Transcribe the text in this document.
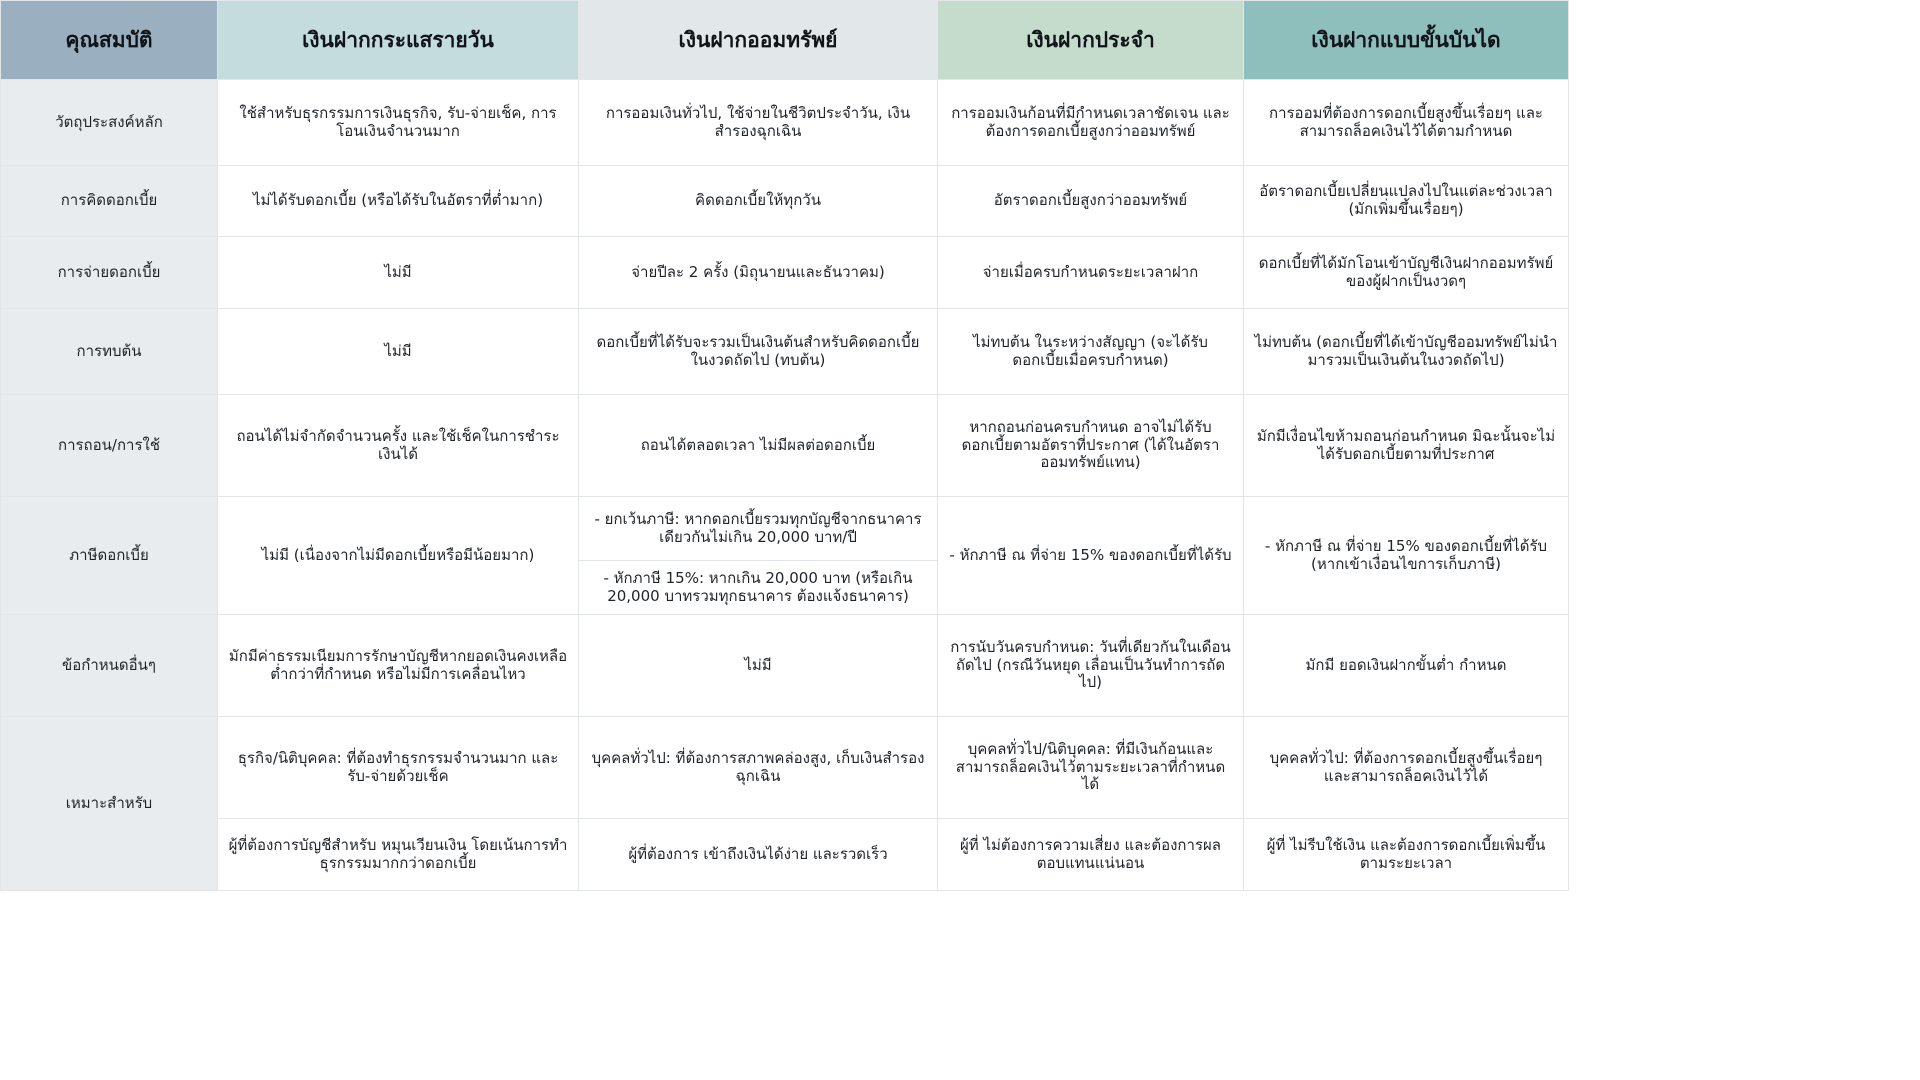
คุณสมบัติ	เงินฝากกระแสรายวัน	เงินฝากออมทรัพย์	เงินฝากประจำ	เงินฝากแบบขั้นบันได
วัตถุประสงค์หลัก	ใช้สำหรับธุรกรรมการเงินธุรกิจ, รับ-จ่ายเช็ค, การโอนเงินจำนวนมาก	การออมเงินทั่วไป, ใช้จ่ายในชีวิตประจำวัน, เงินสำรองฉุกเฉิน	การออมเงินก้อนที่มีกำหนดเวลาชัดเจน และต้องการดอกเบี้ยสูงกว่าออมทรัพย์	การออมที่ต้องการดอกเบี้ยสูงขึ้นเรื่อยๆ และสามารถล็อคเงินไว้ได้ตามกำหนด
การคิดดอกเบี้ย	ไม่ได้รับดอกเบี้ย (หรือได้รับในอัตราที่ต่ำมาก)	คิดดอกเบี้ยให้ทุกวัน	อัตราดอกเบี้ยสูงกว่าออมทรัพย์	อัตราดอกเบี้ยเปลี่ยนแปลงไปในแต่ละช่วงเวลา (มักเพิ่มขึ้นเรื่อยๆ)
การจ่ายดอกเบี้ย	ไม่มี	จ่ายปีละ 2 ครั้ง (มิถุนายนและธันวาคม)	จ่ายเมื่อครบกำหนดระยะเวลาฝาก	ดอกเบี้ยที่ได้มักโอนเข้าบัญชีเงินฝากออมทรัพย์ของผู้ฝากเป็นงวดๆ
การทบต้น	ไม่มี	ดอกเบี้ยที่ได้รับจะรวมเป็นเงินต้นสำหรับคิดดอกเบี้ยในงวดถัดไป (ทบต้น)	ไม่ทบต้น ในระหว่างสัญญา (จะได้รับดอกเบี้ยเมื่อครบกำหนด)	ไม่ทบต้น (ดอกเบี้ยที่ได้เข้าบัญชีออมทรัพย์ไม่นำมารวมเป็นเงินต้นในงวดถัดไป)
การถอน/การใช้	ถอนได้ไม่จำกัดจำนวนครั้ง และใช้เช็คในการชำระเงินได้	ถอนได้ตลอดเวลา ไม่มีผลต่อดอกเบี้ย	หากถอนก่อนครบกำหนด อาจไม่ได้รับดอกเบี้ยตามอัตราที่ประกาศ (ได้ในอัตราออมทรัพย์แทน)	มักมีเงื่อนไขห้ามถอนก่อนกำหนด มิฉะนั้นจะไม่ได้รับดอกเบี้ยตามที่ประกาศ
ภาษีดอกเบี้ย	ไม่มี (เนื่องจากไม่มีดอกเบี้ยหรือมีน้อยมาก)	- ยกเว้นภาษี: หากดอกเบี้ยรวมทุกบัญชีจากธนาคารเดียวกันไม่เกิน 20,000 บาท/ปี	- หักภาษี ณ ที่จ่าย 15% ของดอกเบี้ยที่ได้รับ	- หักภาษี ณ ที่จ่าย 15% ของดอกเบี้ยที่ได้รับ (หากเข้าเงื่อนไขการเก็บภาษี)
		- หักภาษี 15%: หากเกิน 20,000 บาท (หรือเกิน 20,000 บาทรวมทุกธนาคาร ต้องแจ้งธนาคาร)		
ข้อกำหนดอื่นๆ	มักมีค่าธรรมเนียมการรักษาบัญชีหากยอดเงินคงเหลือต่ำกว่าที่กำหนด หรือไม่มีการเคลื่อนไหว	ไม่มี	การนับวันครบกำหนด: วันที่เดียวกันในเดือนถัดไป (กรณีวันหยุด เลื่อนเป็นวันทำการถัดไป)	มักมี ยอดเงินฝากขั้นต่ำ กำหนด
เหมาะสำหรับ	ธุรกิจ/นิติบุคคล: ที่ต้องทำธุรกรรมจำนวนมาก และรับ-จ่ายด้วยเช็ค	บุคคลทั่วไป: ที่ต้องการสภาพคล่องสูง, เก็บเงินสำรองฉุกเฉิน	บุคคลทั่วไป/นิติบุคคล: ที่มีเงินก้อนและสามารถล็อคเงินไว้ตามระยะเวลาที่กำหนดได้	บุคคลทั่วไป: ที่ต้องการดอกเบี้ยสูงขึ้นเรื่อยๆ และสามารถล็อคเงินไว้ได้
	ผู้ที่ต้องการบัญชีสำหรับ หมุนเวียนเงิน โดยเน้นการทำธุรกรรมมากกว่าดอกเบี้ย	ผู้ที่ต้องการ เข้าถึงเงินได้ง่าย และรวดเร็ว	ผู้ที่ ไม่ต้องการความเสี่ยง และต้องการผลตอบแทนแน่นอน	ผู้ที่ ไม่รีบใช้เงิน และต้องการดอกเบี้ยเพิ่มขึ้นตามระยะเวลา
